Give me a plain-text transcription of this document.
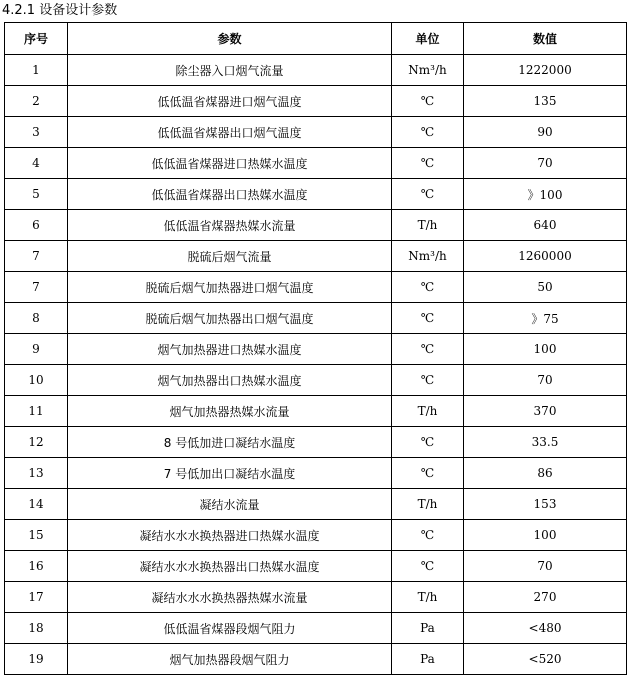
4.2.1 设备设计参数
序号	参数	单位	数值
1	除尘器入口烟气流量	Nm³/h	1222000
2	低低温省煤器进口烟气温度	℃	135
3	低低温省煤器出口烟气温度	℃	90
4	低低温省煤器进口热媒水温度	℃	70
5	低低温省煤器出口热媒水温度	℃	》100
6	低低温省煤器热媒水流量	T/h	640
7	脱硫后烟气流量	Nm³/h	1260000
7	脱硫后烟气加热器进口烟气温度	℃	50
8	脱硫后烟气加热器出口烟气温度	℃	》75
9	烟气加热器进口热媒水温度	℃	100
10	烟气加热器出口热媒水温度	℃	70
11	烟气加热器热媒水流量	T/h	370
12	8 号低加进口凝结水温度	℃	33.5
13	7 号低加出口凝结水温度	℃	86
14	凝结水流量	T/h	153
15	凝结水水水换热器进口热媒水温度	℃	100
16	凝结水水水换热器出口热媒水温度	℃	70
17	凝结水水水换热器热媒水流量	T/h	270
18	低低温省煤器段烟气阻力	Pa	<480
19	烟气加热器段烟气阻力	Pa	<520
